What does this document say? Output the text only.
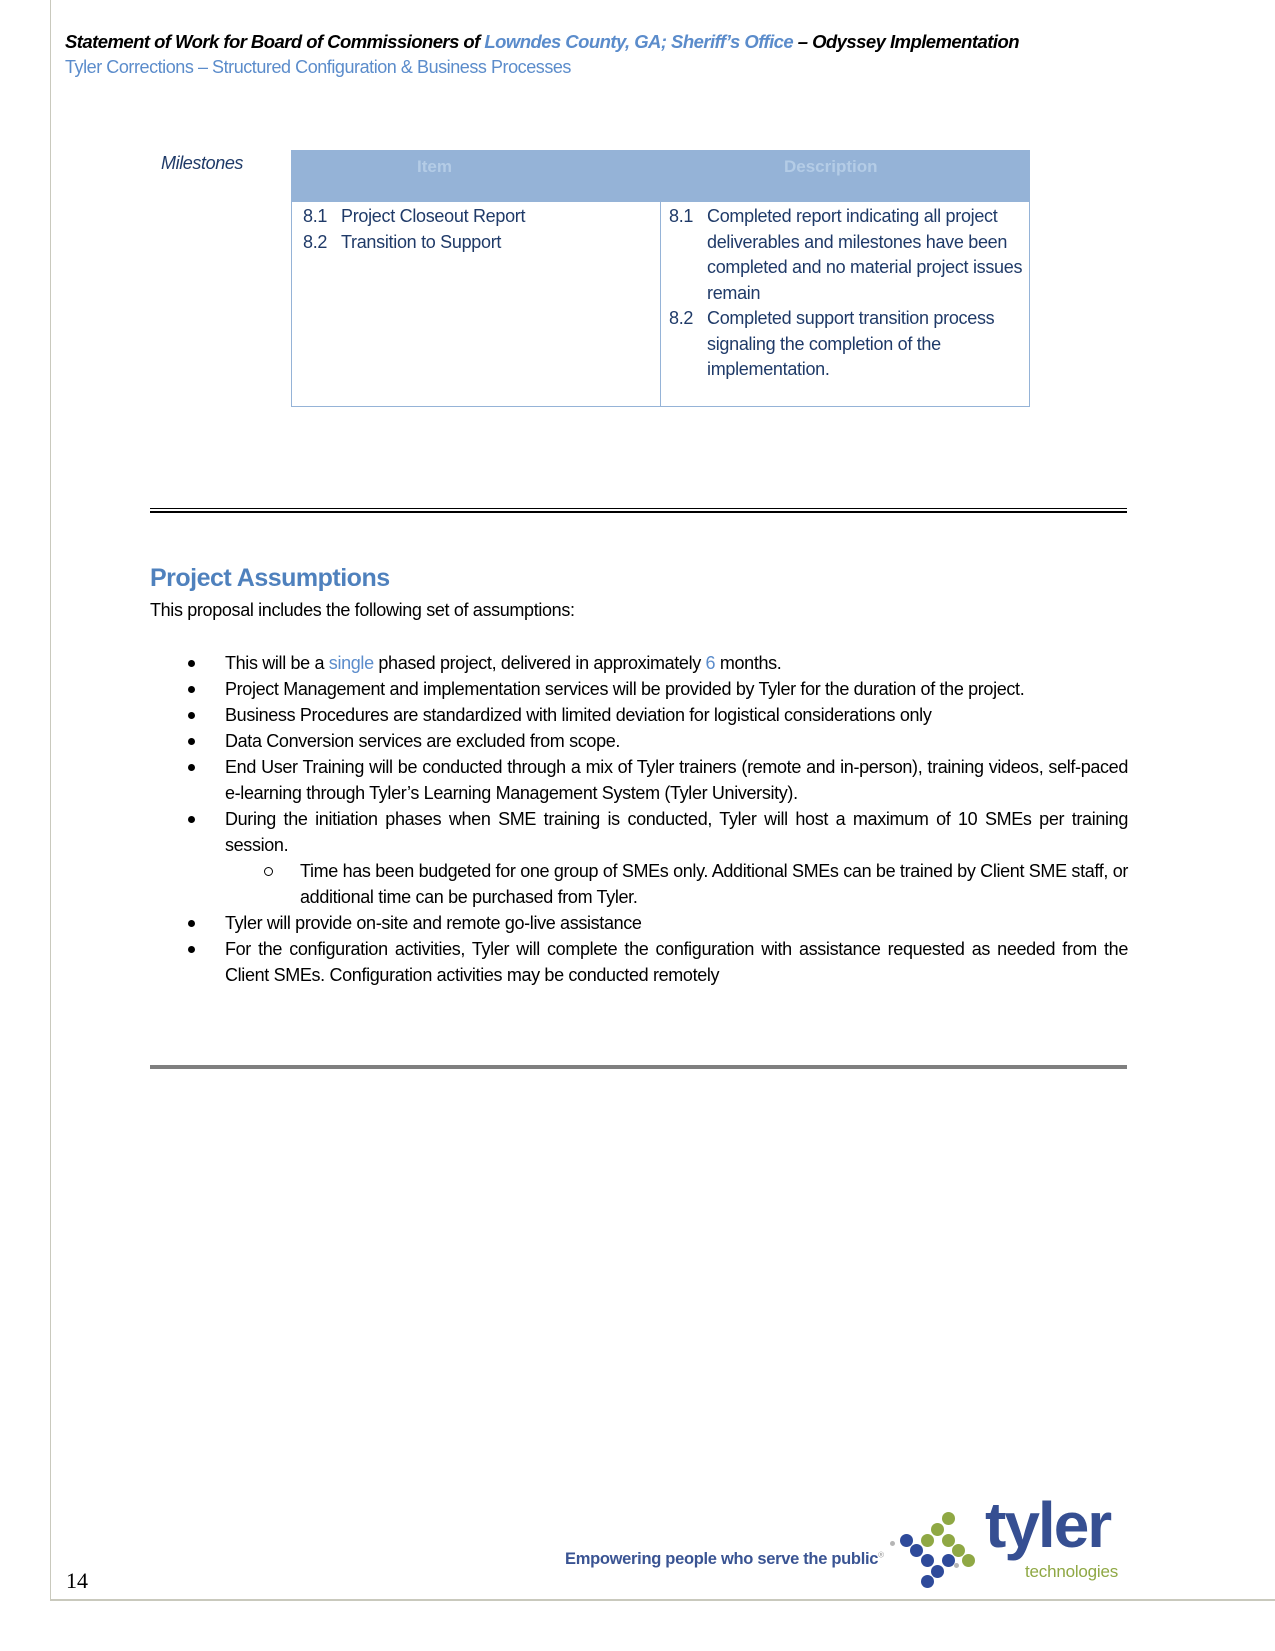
Statement of Work for Board of Commissioners of Lowndes County, GA; Sheriff’s Office – Odyssey Implementation
Tyler Corrections – Structured Configuration & Business Processes
Milestones	Item	Description
8.1 Project Closeout Report
8.2 Transition to Support
8.1 Completed report indicating all project deliverables and milestones have been completed and no material project issues remain
8.2 Completed support transition process signaling the completion of the implementation.
Project Assumptions
This proposal includes the following set of assumptions:
This will be a single phased project, delivered in approximately 6 months.
Project Management and implementation services will be provided by Tyler for the duration of the project.
Business Procedures are standardized with limited deviation for logistical considerations only
Data Conversion services are excluded from scope.
End User Training will be conducted through a mix of Tyler trainers (remote and in-person), training videos, self-paced e-learning through Tyler’s Learning Management System (Tyler University).
During the initiation phases when SME training is conducted, Tyler will host a maximum of 10 SMEs per training session.
Time has been budgeted for one group of SMEs only. Additional SMEs can be trained by Client SME staff, or additional time can be purchased from Tyler.
Tyler will provide on-site and remote go-live assistance
For the configuration activities, Tyler will complete the configuration with assistance requested as needed from the Client SMEs. Configuration activities may be conducted remotely
14
Empowering people who serve the public® tyler
technologies
